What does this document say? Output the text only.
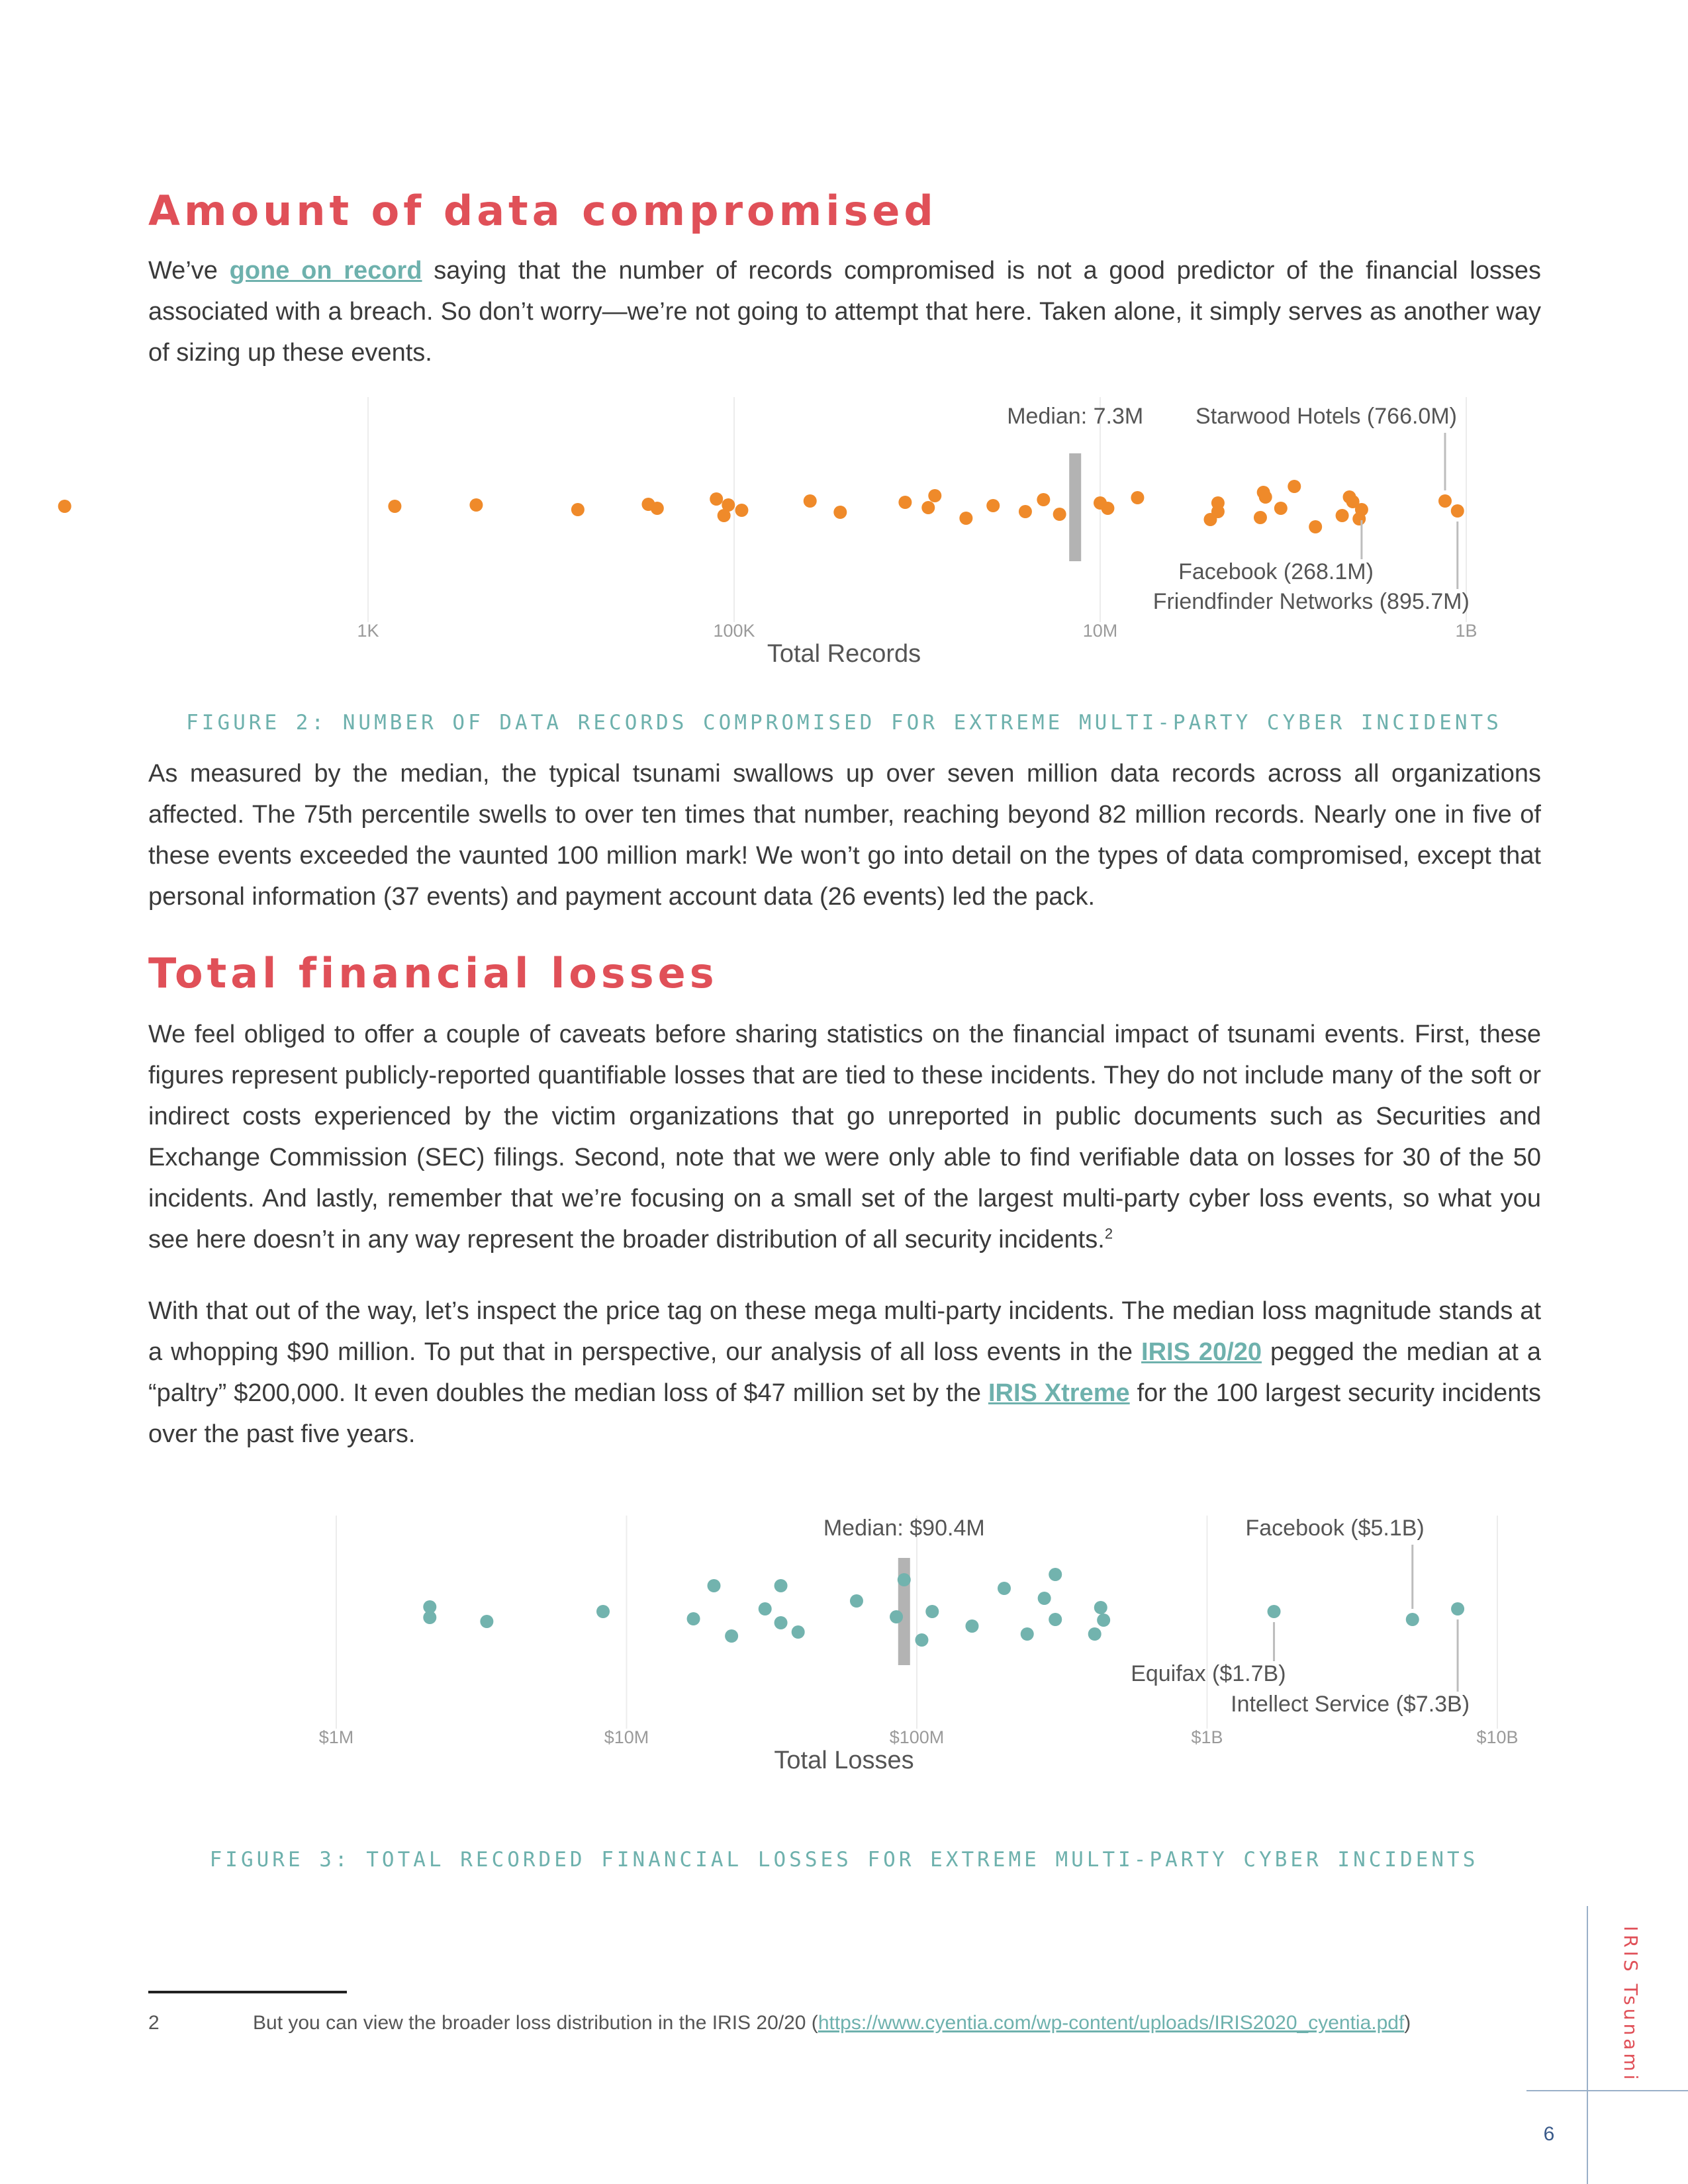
Amount of data compromised

We’ve gone on record saying that the number of records compromised is not a good predictor of the financial losses associated with a breach. So don’t worry—we’re not going to attempt that here. Taken alone, it simply serves as another way of sizing up these events.

1K	100K	10M	1B
Total Records
Median: 7.3M Starwood Hotels (766.0M)
Facebook (268.1M)
Friendfinder Networks (895.7M)

FIGURE 2: NUMBER OF DATA RECORDS COMPROMISED FOR EXTREME MULTI-PARTY CYBER INCIDENTS

As measured by the median, the typical tsunami swallows up over seven million data records across all organizations affected. The 75th percentile swells to over ten times that number, reaching beyond 82 million records. Nearly one in five of these events exceeded the vaunted 100 million mark! We won’t go into detail on the types of data compromised, except that personal information (37 events) and payment account data (26 events) led the pack.

Total financial losses

We feel obliged to offer a couple of caveats before sharing statistics on the financial impact of tsunami events. First, these figures represent publicly-reported quantifiable losses that are tied to these incidents. They do not include many of the soft or indirect costs experienced by the victim organizations that go unreported in public documents such as Securities and Exchange Commission (SEC) filings. Second, note that we were only able to find verifiable data on losses for 30 of the 50 incidents. And lastly, remember that we’re focusing on a small set of the largest multi-party cyber loss events, so what you see here doesn’t in any way represent the broader distribution of all security incidents.$^2$

With that out of the way, let’s inspect the price tag on these mega multi-party incidents. The median loss magnitude stands at a whopping $90 million. To put that in perspective, our analysis of all loss events in the IRIS 20/20 pegged the median at a “paltry” $200,000. It even doubles the median loss of $47 million set by the IRIS Xtreme for the 100 largest security incidents over the past five years.

$1M	$10M	$100M	$1B	$10B
Total Losses
Median: $90.4M	Facebook ($5.1B)
Equifax ($1.7B)
Intellect Service ($7.3B)

FIGURE 3: TOTAL RECORDED FINANCIAL LOSSES FOR EXTREME MULTI-PARTY CYBER INCIDENTS

2	But you can view the broader loss distribution in the IRIS 20/20 (https://www.cyentia.com/wp-content/uploads/IRIS2020_cyentia.pdf)	IRIS Tsunami
6
